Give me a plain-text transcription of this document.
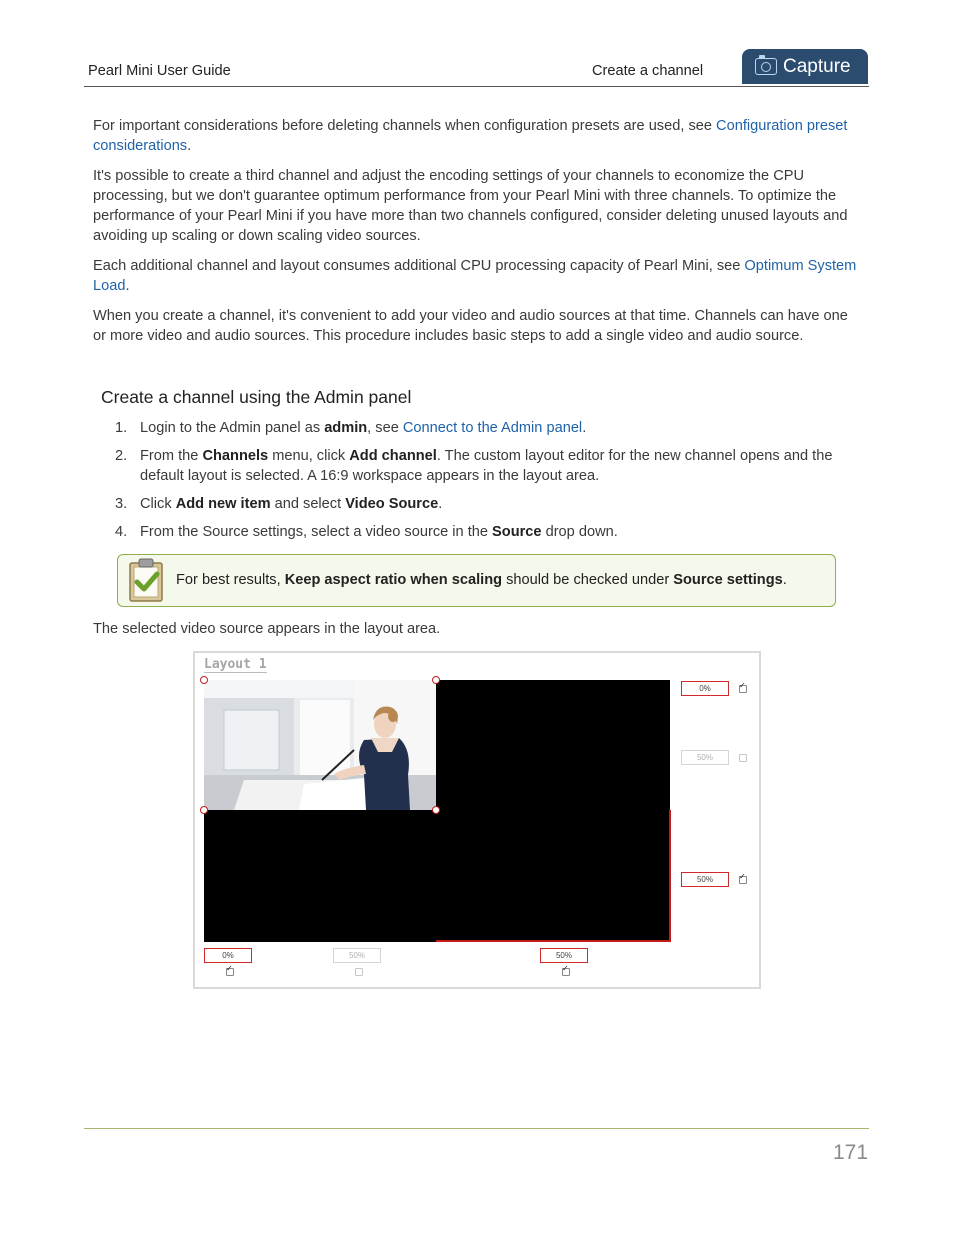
Pearl Mini User Guide	Create a channel	Capture
For important considerations before deleting channels when configuration presets are used, see Configuration preset considerations.
It's possible to create a third channel and adjust the encoding settings of your channels to economize the CPU processing, but we don't guarantee optimum performance from your Pearl Mini with three channels. To optimize the performance of your Pearl Mini if you have more than two channels configured, consider deleting unused layouts and avoiding up scaling or down scaling video sources.
Each additional channel and layout consumes additional CPU processing capacity of Pearl Mini, see Optimum System Load.
When you create a channel, it's convenient to add your video and audio sources at that time. Channels can have one or more video and audio sources. This procedure includes basic steps to add a single video and audio source.
Create a channel using the Admin panel
1. Login to the Admin panel as admin, see Connect to the Admin panel.
2. From the Channels menu, click Add channel. The custom layout editor for the new channel opens and the default layout is selected. A 16:9 workspace appears in the layout area.
3. Click Add new item and select Video Source.
4. From the Source settings, select a video source in the Source drop down.
For best results, Keep aspect ratio when scaling should be checked under Source settings.
The selected video source appears in the layout area.
Layout 1
0%
✓
50%
50%
✓
0%
✓	50%	50%
✓
171
